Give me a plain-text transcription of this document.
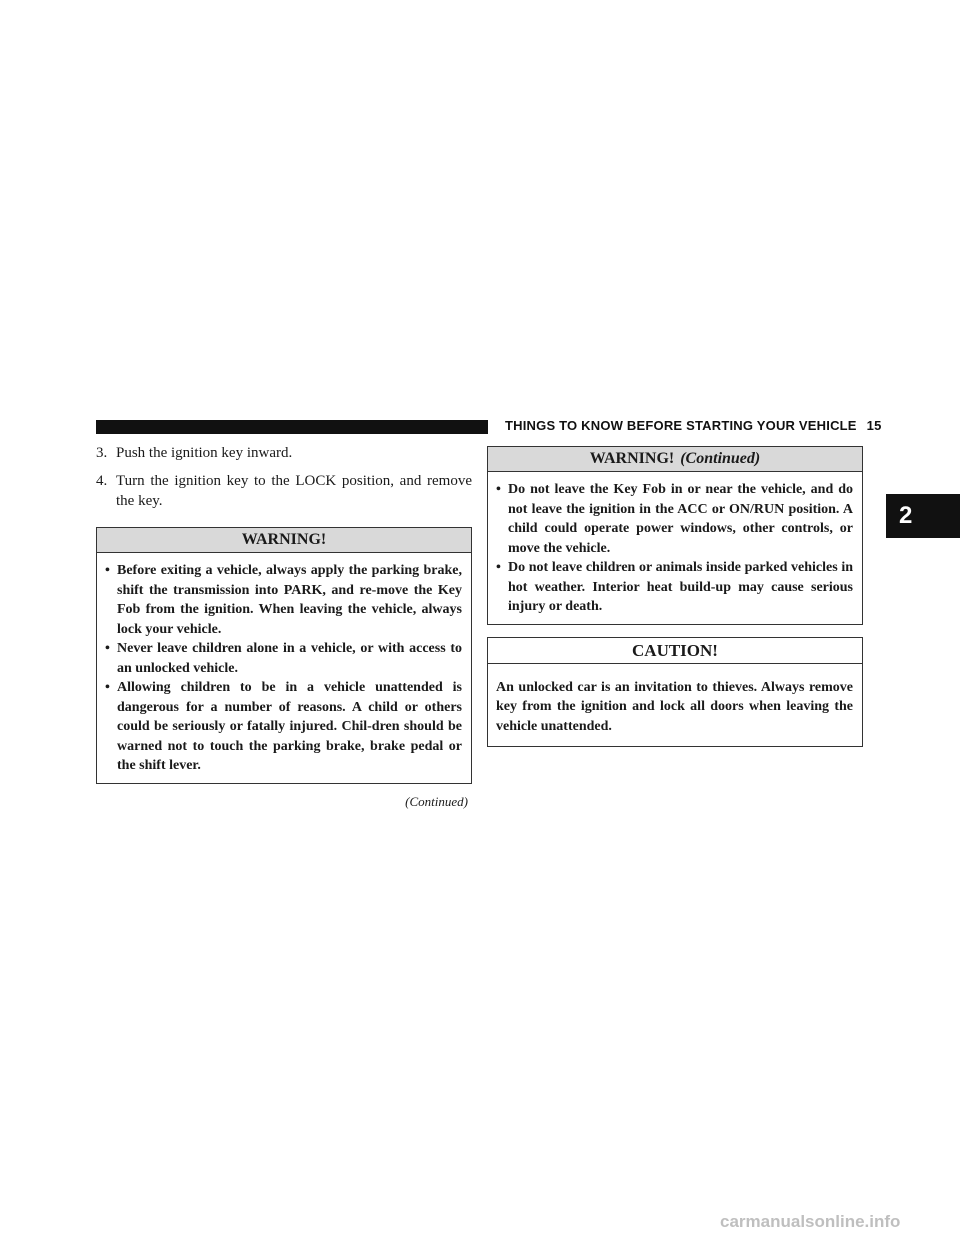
THINGS TO KNOW BEFORE STARTING YOUR VEHICLE 15
2

3. Push the ignition key inward.

4. Turn the ignition key to the LOCK position, and remove the key.

WARNING!

• Before exiting a vehicle, always apply the parking brake, shift the transmission into PARK, and re-move the Key Fob from the ignition. When leaving the vehicle, always lock your vehicle.

• Never leave children alone in a vehicle, or with access to an unlocked vehicle.

• Allowing children to be in a vehicle unattended is dangerous for a number of reasons. A child or others could be seriously or fatally injured. Chil-dren should be warned not to touch the parking brake, brake pedal or the shift lever.

(Continued)
WARNING! (Continued)

• Do not leave the Key Fob in or near the vehicle, and do not leave the ignition in the ACC or ON/RUN position. A child could operate power windows, other controls, or move the vehicle.

• Do not leave children or animals inside parked vehicles in hot weather. Interior heat build-up may cause serious injury or death.

CAUTION!

An unlocked car is an invitation to thieves. Always remove key from the ignition and lock all doors when leaving the vehicle unattended.

carmanualsonline.info
